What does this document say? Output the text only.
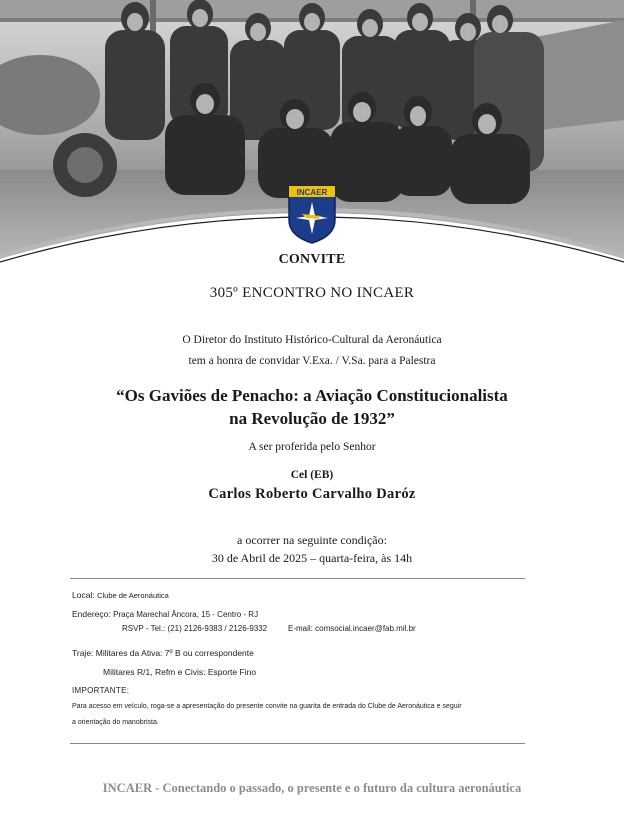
INCAER
CONVITE
305º ENCONTRO NO INCAER
O Diretor do Instituto Histórico-Cultural da Aeronáutica
tem a honra de convidar V.Exa. / V.Sa. para a Palestra
“Os Gaviões de Penacho: a Aviação Constitucionalista
na Revolução de 1932”
A ser proferida pelo Senhor
Cel (EB)
Carlos Roberto Carvalho Daróz
a ocorrer na seguinte condição:
30 de Abril de 2025 – quarta-feira, às 14h
Local: Clube de Aeronáutica
Endereço: Praça Marechal Âncora, 15 - Centro - RJ
RSVP - Tel.: (21) 2126-9383 / 2126-9332	E-mail: comsocial.incaer@fab.mil.br
Traje: Militares da Ativa: 7º B ou correspondente
Militares R/1, Refm e Civis: Esporte Fino
IMPORTANTE:
Para acesso em veículo, roga-se a apresentação do presente convite na guarita de entrada do Clube de Aeronáutica e seguir
a orientação do manobrista.
INCAER - Conectando o passado, o presente e o futuro da cultura aeronáutica
